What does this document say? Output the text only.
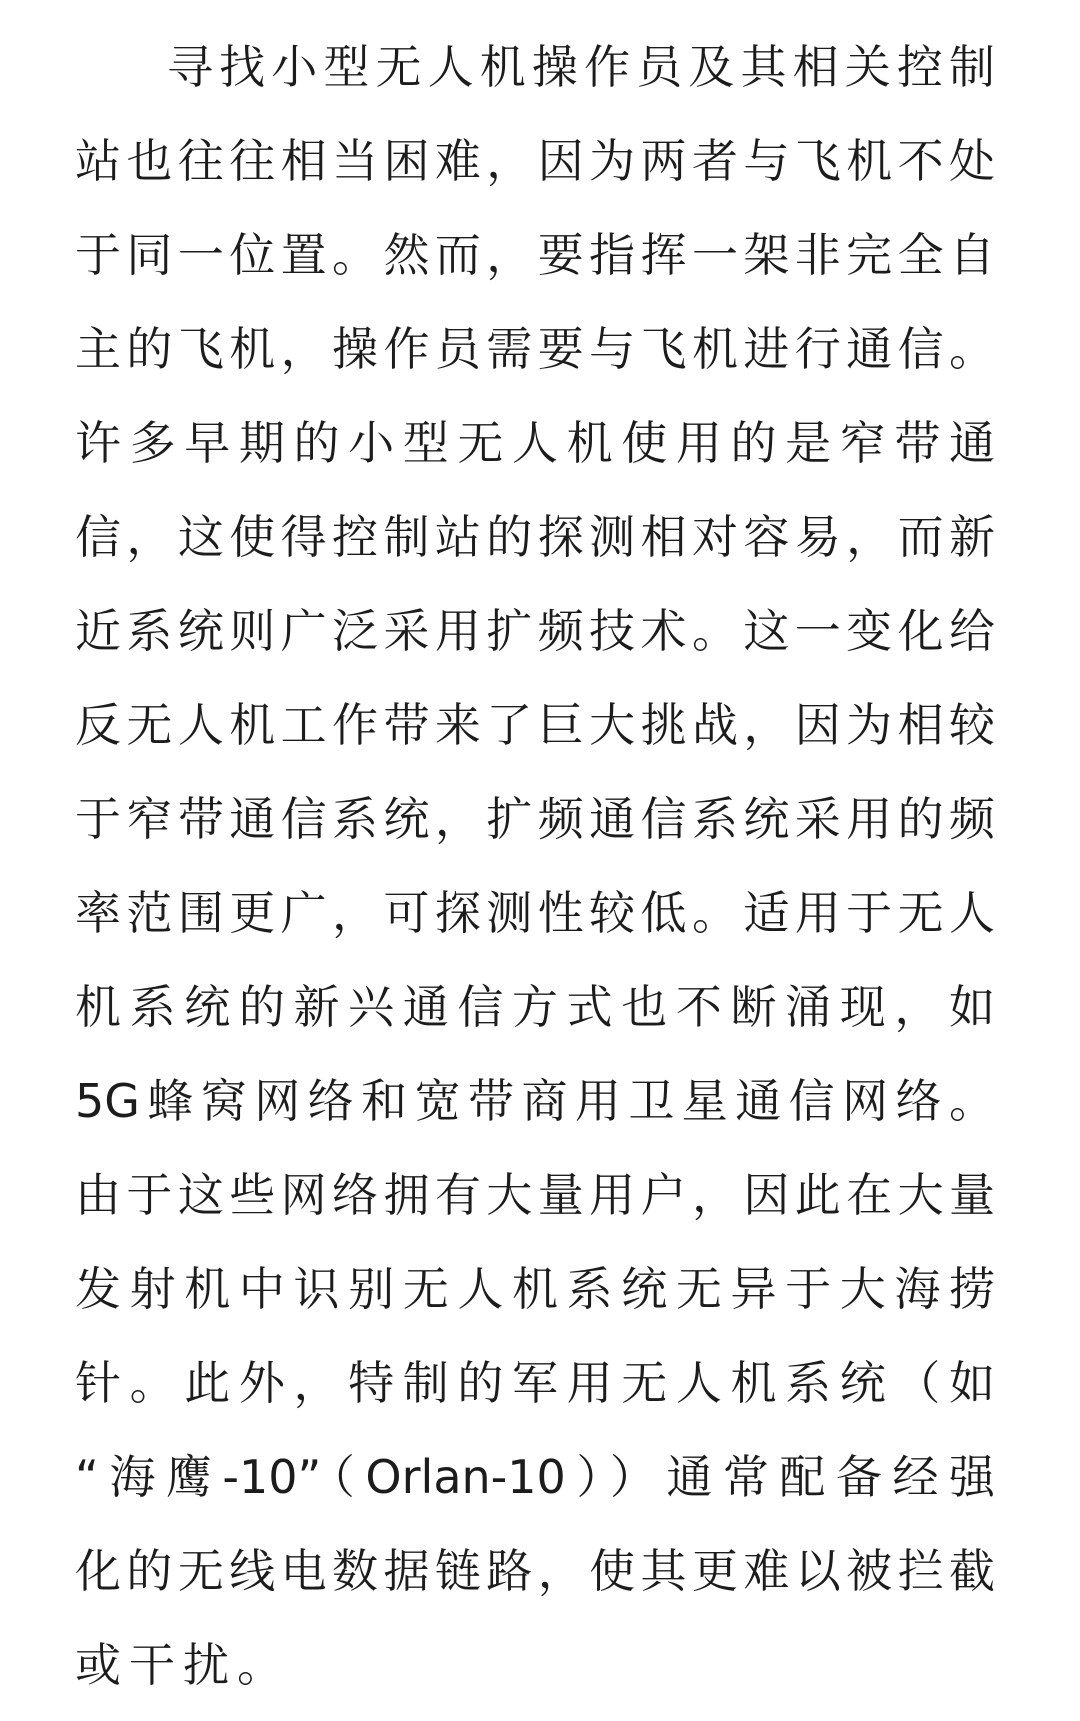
寻找小型无人机操作员及其相关控制
站也往往相当困难，因为两者与飞机不处
于同一位置。然而，要指挥一架非完全自
主的飞机，操作员需要与飞机进行通信。
许多早期的小型无人机使用的是窄带通
信，这使得控制站的探测相对容易，而新
近系统则广泛采用扩频技术。这一变化给
反无人机工作带来了巨大挑战，因为相较
于窄带通信系统，扩频通信系统采用的频
率范围更广，可探测性较低。适用于无人
机系统的新兴通信方式也不断涌现，如
5G蜂窝网络和宽带商用卫星通信网络。
由于这些网络拥有大量用户，因此在大量
发射机中识别无人机系统无异于大海捞
针。此外，特制的军用无人机系统（如
“海鹰-10”（Orlan-10））通常配备经强
化的无线电数据链路，使其更难以被拦截
或干扰。
